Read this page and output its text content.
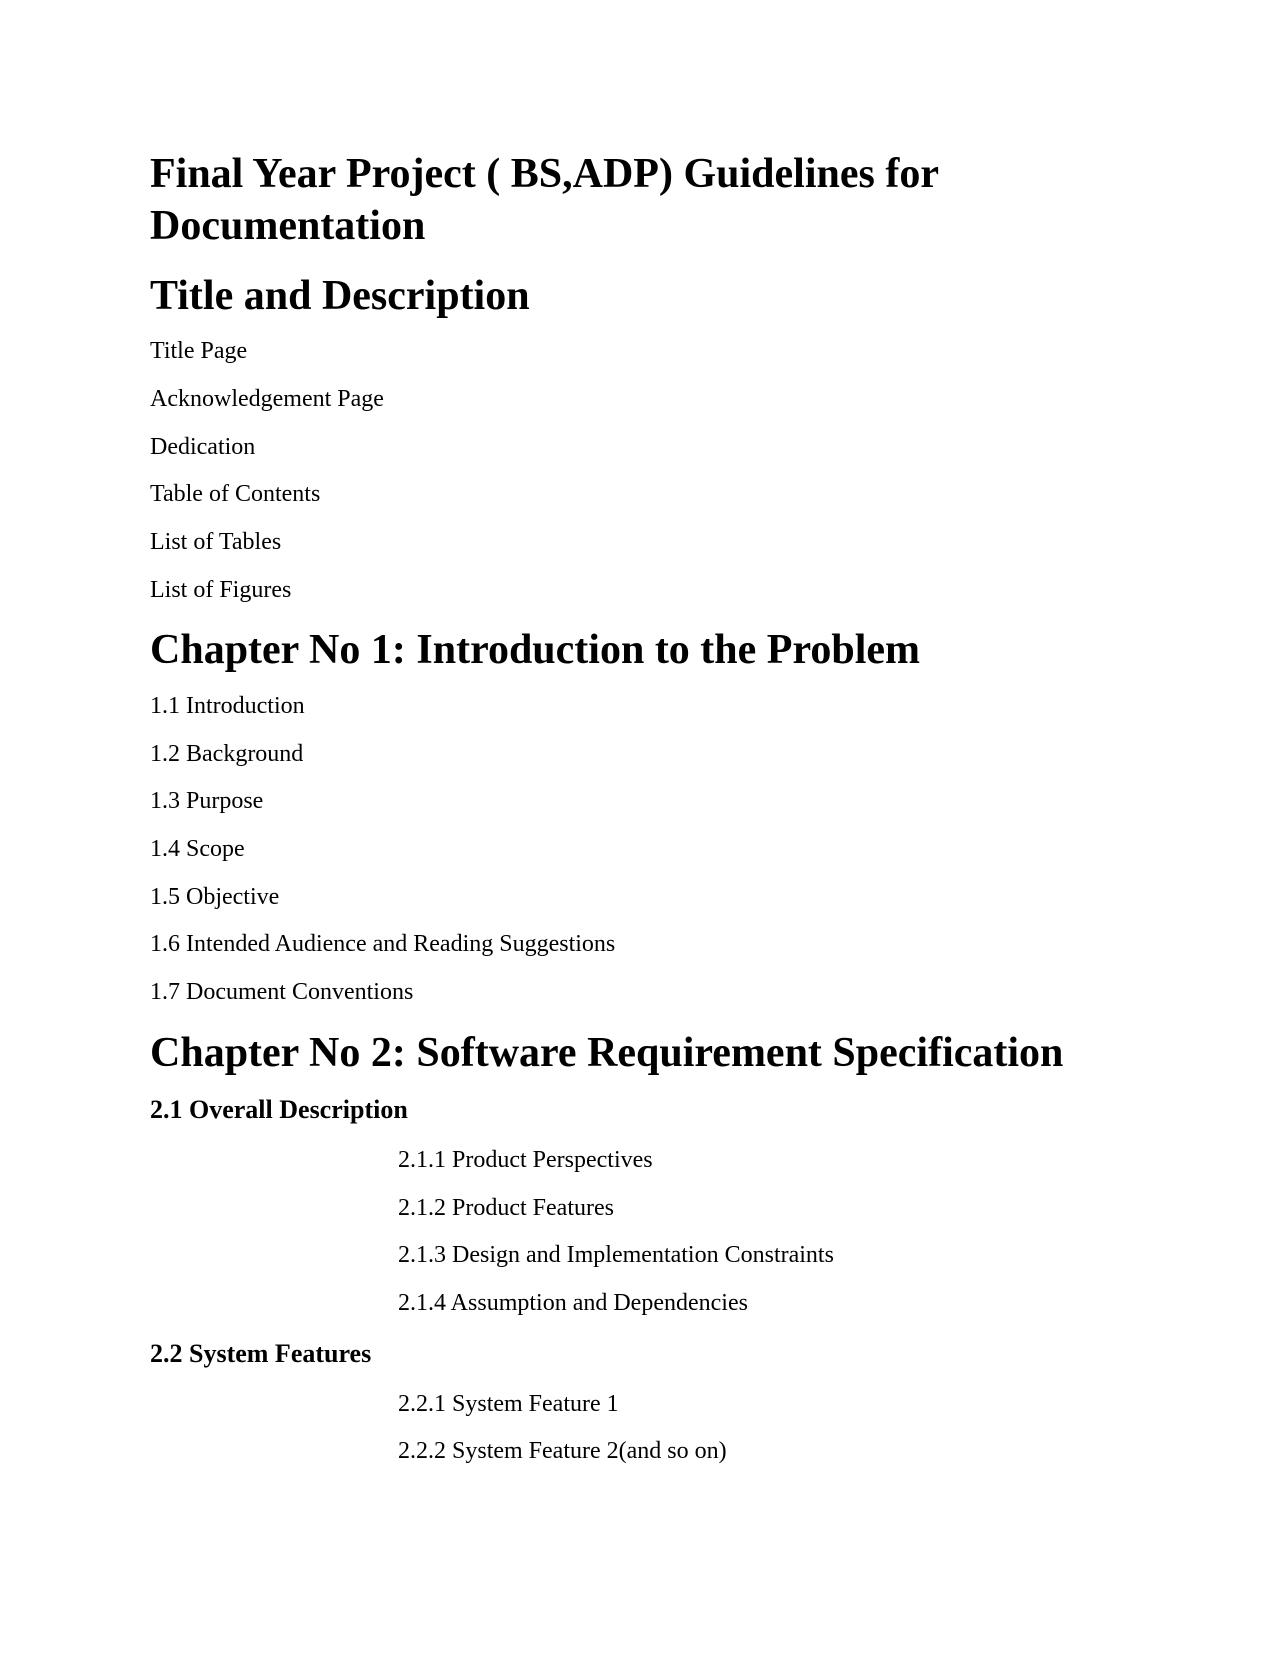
Final Year Project ( BS,ADP) Guidelines for Documentation
Title and Description

Title Page

Acknowledgement Page

Dedication

Table of Contents

List of Tables

List of Figures

Chapter No 1: Introduction to the Problem

1.1 Introduction

1.2 Background

1.3 Purpose

1.4 Scope

1.5 Objective

1.6 Intended Audience and Reading Suggestions

1.7 Document Conventions

Chapter No 2: Software Requirement Specification
2.1 Overall Description

2.1.1 Product Perspectives

2.1.2 Product Features

2.1.3 Design and Implementation Constraints

2.1.4 Assumption and Dependencies

2.2 System Features

2.2.1 System Feature 1

2.2.2 System Feature 2(and so on)
